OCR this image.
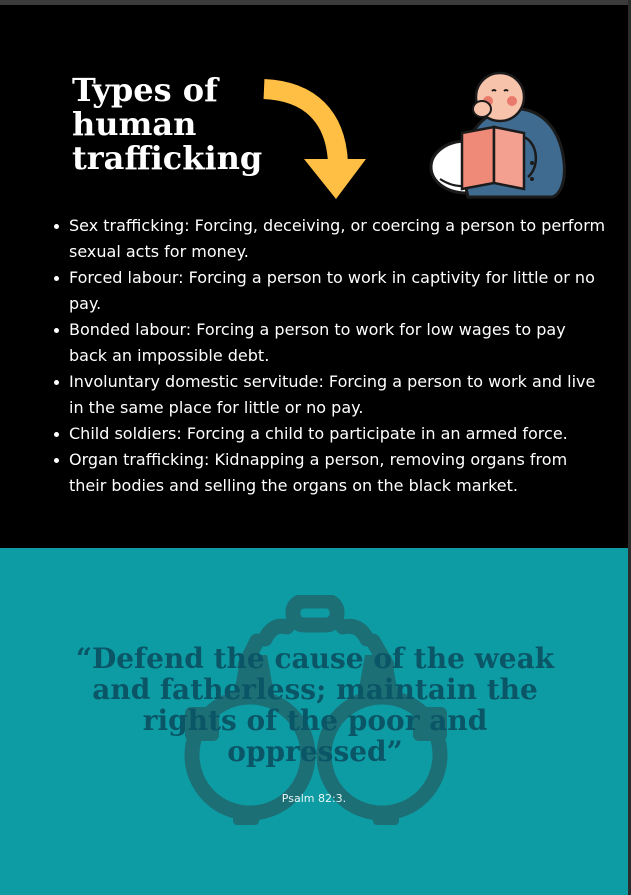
Types of
human
trafficking
Sex trafficking: Forcing, deceiving, or coercing a person to perform sexual acts for money.
Forced labour: Forcing a person to work in captivity for little or no pay.
Bonded labour: Forcing a person to work for low wages to pay back an impossible debt.
Involuntary domestic servitude: Forcing a person to work and live in the same place for little or no pay.
Child soldiers: Forcing a child to participate in an armed force.
Organ trafficking: Kidnapping a person, removing organs from their bodies and selling the organs on the black market.
“Defend the cause of the weak and fatherless; maintain the rights of the poor and oppressed”
Psalm 82:3.
